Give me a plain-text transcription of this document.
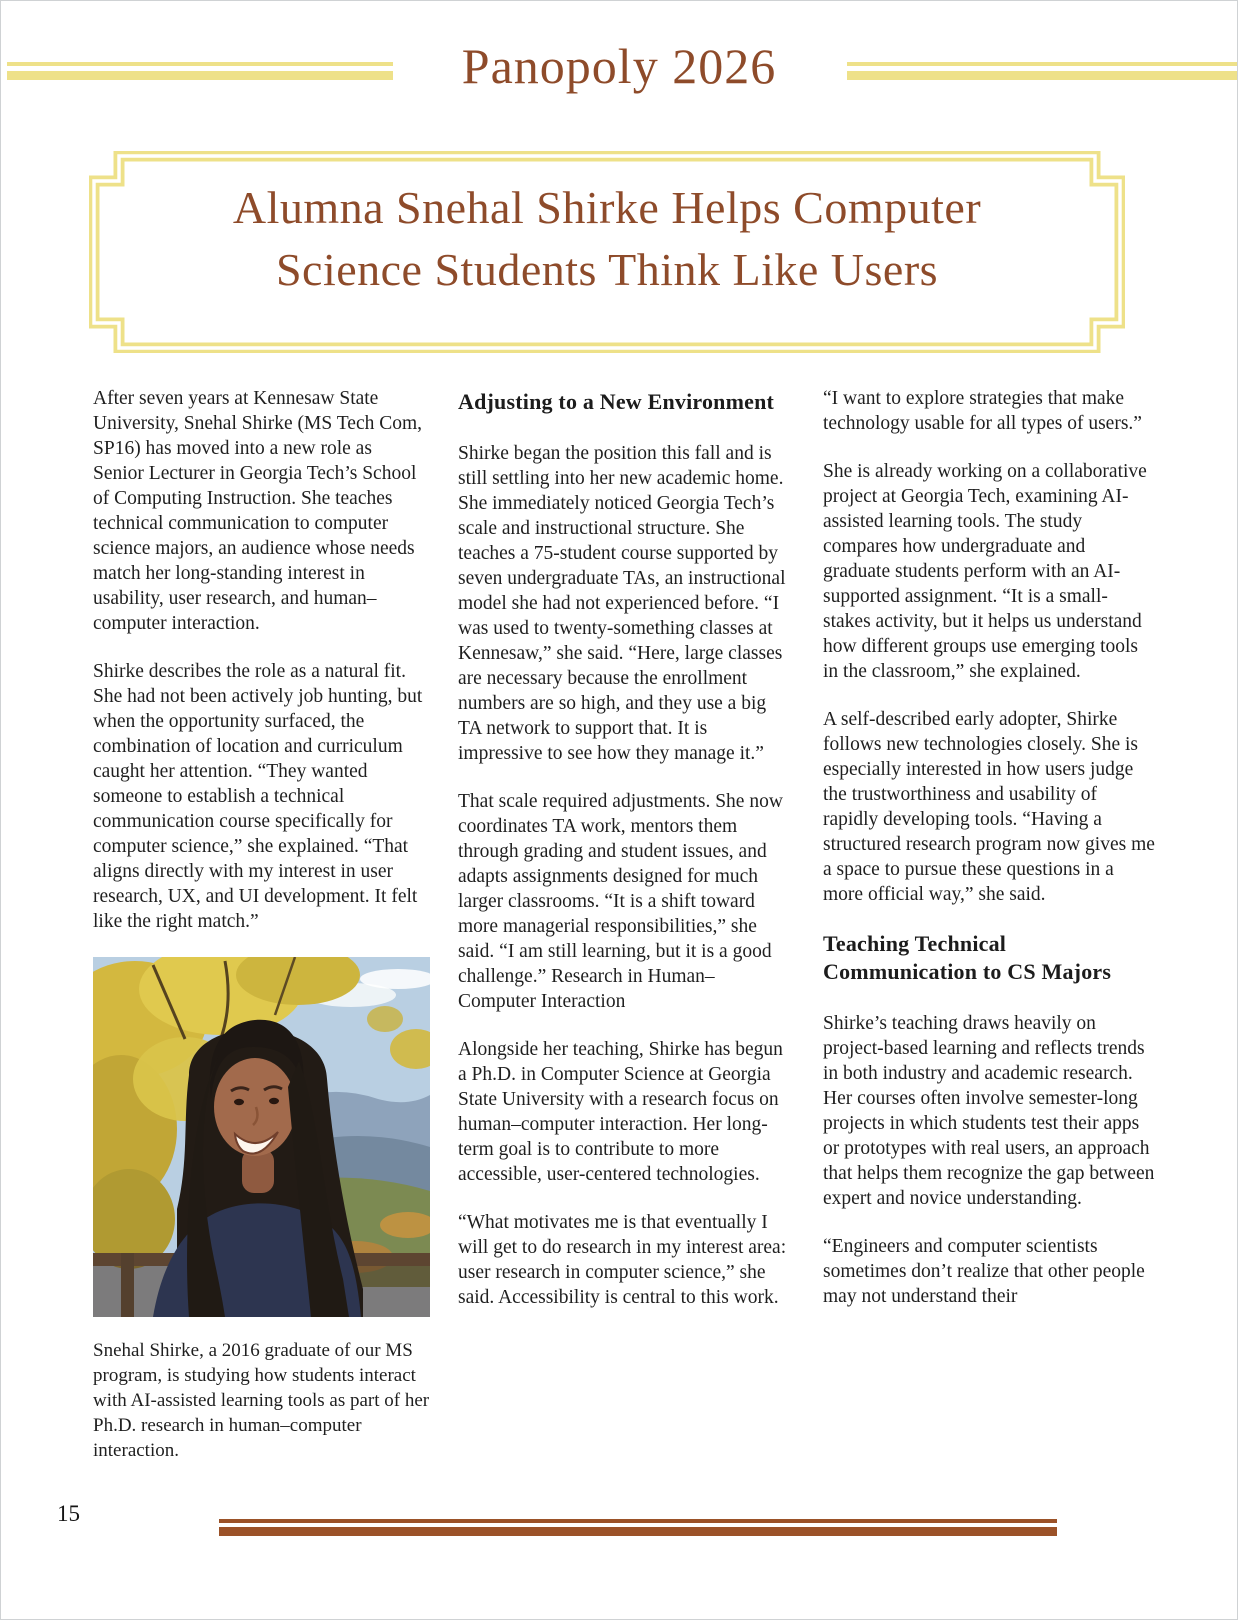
Panopoly 2026
Alumna Snehal Shirke Helps Computer
Science Students Think Like Users

After seven years at Kennesaw State University, Snehal Shirke (MS Tech Com, SP16) has moved into a new role as Senior Lecturer in Georgia Tech’s School of Computing Instruction. She teaches technical communication to computer science majors, an audience whose needs match her long-standing interest in usability, user research, and human–computer interaction.

Shirke describes the role as a natural fit. She had not been actively job hunting, but when the opportunity surfaced, the combination of location and curriculum caught her attention. “They wanted someone to establish a technical communication course specifically for computer science,” she explained. “That aligns directly with my interest in user research, UX, and UI development. It felt like the right match.”

Snehal Shirke, a 2016 graduate of our MS program, is studying how students interact with AI-assisted learning tools as part of her Ph.D. research in human–computer interaction.
Adjusting to a New Environment

Shirke began the position this fall and is still settling into her new academic home. She immediately noticed Georgia Tech’s scale and instructional structure. She teaches a 75-student course supported by seven undergraduate TAs, an instructional model she had not experienced before. “I was used to twenty-something classes at Kennesaw,” she said. “Here, large classes are necessary because the enrollment numbers are so high, and they use a big TA network to support that. It is impressive to see how they manage it.”

That scale required adjustments. She now coordinates TA work, mentors them through grading and student issues, and adapts assignments designed for much larger classrooms. “It is a shift toward more managerial responsibilities,” she said. “I am still learning, but it is a good challenge.” Research in Human–Computer Interaction

Alongside her teaching, Shirke has begun a Ph.D. in Computer Science at Georgia State University with a research focus on human–computer interaction. Her long-term goal is to contribute to more accessible, user-centered technologies.

“What motivates me is that eventually I will get to do research in my interest area: user research in computer science,” she said. Accessibility is central to this work.

“I want to explore strategies that make technology usable for all types of users.”

She is already working on a collaborative project at Georgia Tech, examining AI-assisted learning tools. The study compares how undergraduate and graduate students perform with an AI-supported assignment. “It is a small-stakes activity, but it helps us understand how different groups use emerging tools in the classroom,” she explained.

A self-described early adopter, Shirke follows new technologies closely. She is especially interested in how users judge the trustworthiness and usability of rapidly developing tools. “Having a structured research program now gives me a space to pursue these questions in a more official way,” she said.

Teaching Technical Communication to CS Majors

Shirke’s teaching draws heavily on project-based learning and reflects trends in both industry and academic research. Her courses often involve semester-long projects in which students test their apps or prototypes with real users, an approach that helps them recognize the gap between expert and novice understanding.

“Engineers and computer scientists sometimes don’t realize that other people may not understand their

15
